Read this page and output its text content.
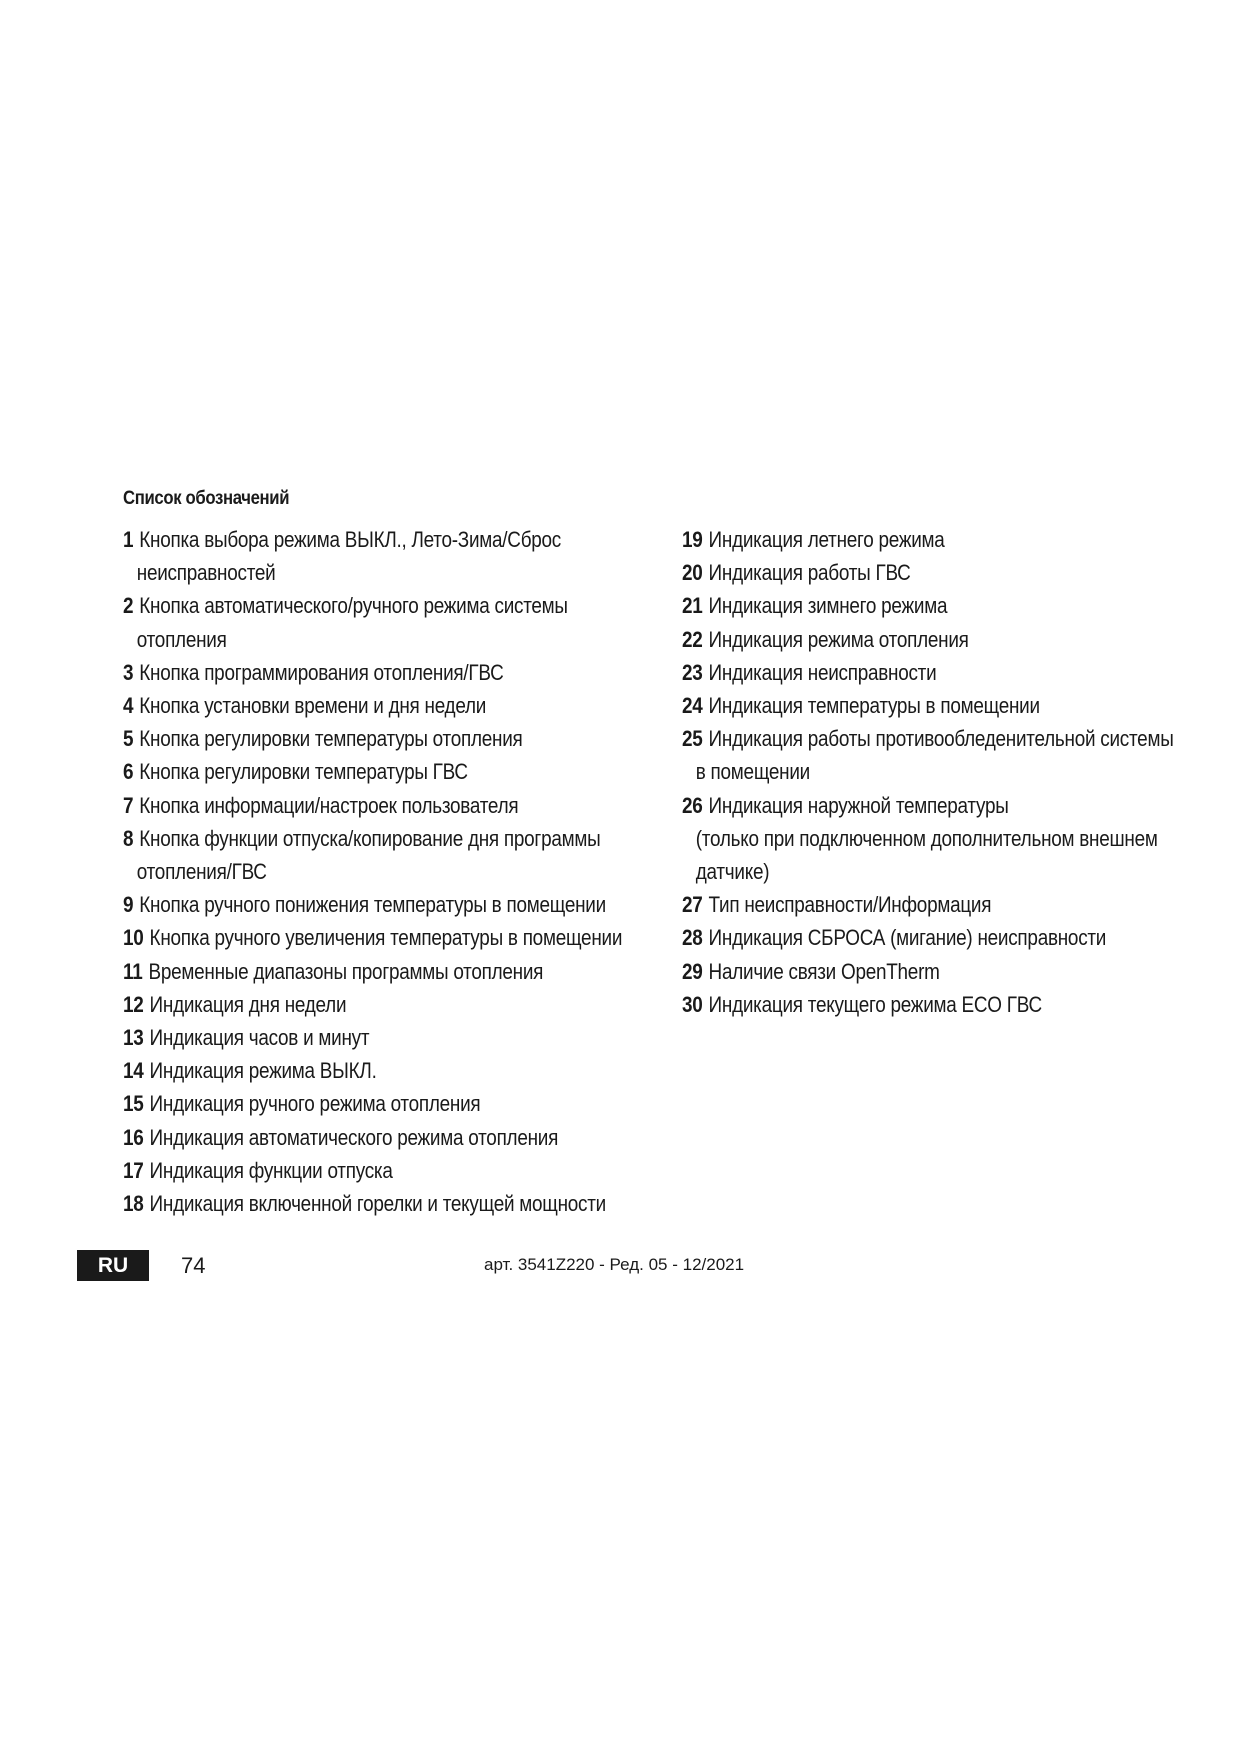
Список обозначений
1 Кнопка выбора режима ВЫКЛ., Лето-Зима/Сброс
неисправностей
2 Кнопка автоматического/ручного режима системы
отопления
3 Кнопка программирования отопления/ГВС
4 Кнопка установки времени и дня недели
5 Кнопка регулировки температуры отопления
6 Кнопка регулировки температуры ГВС
7 Кнопка информации/настроек пользователя
8 Кнопка функции отпуска/копирование дня программы
отопления/ГВС
9 Кнопка ручного понижения температуры в помещении
10 Кнопка ручного увеличения температуры в помещении
11 Временные диапазоны программы отопления
12 Индикация дня недели
13 Индикация часов и минут
14 Индикация режима ВЫКЛ.
15 Индикация ручного режима отопления
16 Индикация автоматического режима отопления
17 Индикация функции отпуска
18 Индикация включенной горелки и текущей мощности
19 Индикация летнего режима
20 Индикация работы ГВС
21 Индикация зимнего режима
22 Индикация режима отопления
23 Индикация неисправности
24 Индикация температуры в помещении
25 Индикация работы противообледенительной системы
в помещении
26 Индикация наружной температуры
(только при подключенном дополнительном внешнем
датчике)
27 Тип неисправности/Информация
28 Индикация СБРОСА (мигание) неисправности
29 Наличие связи OpenTherm
30 Индикация текущего режима ECO ГВС
RU	74	арт. 3541Z220 - Ред. 05 - 12/2021
